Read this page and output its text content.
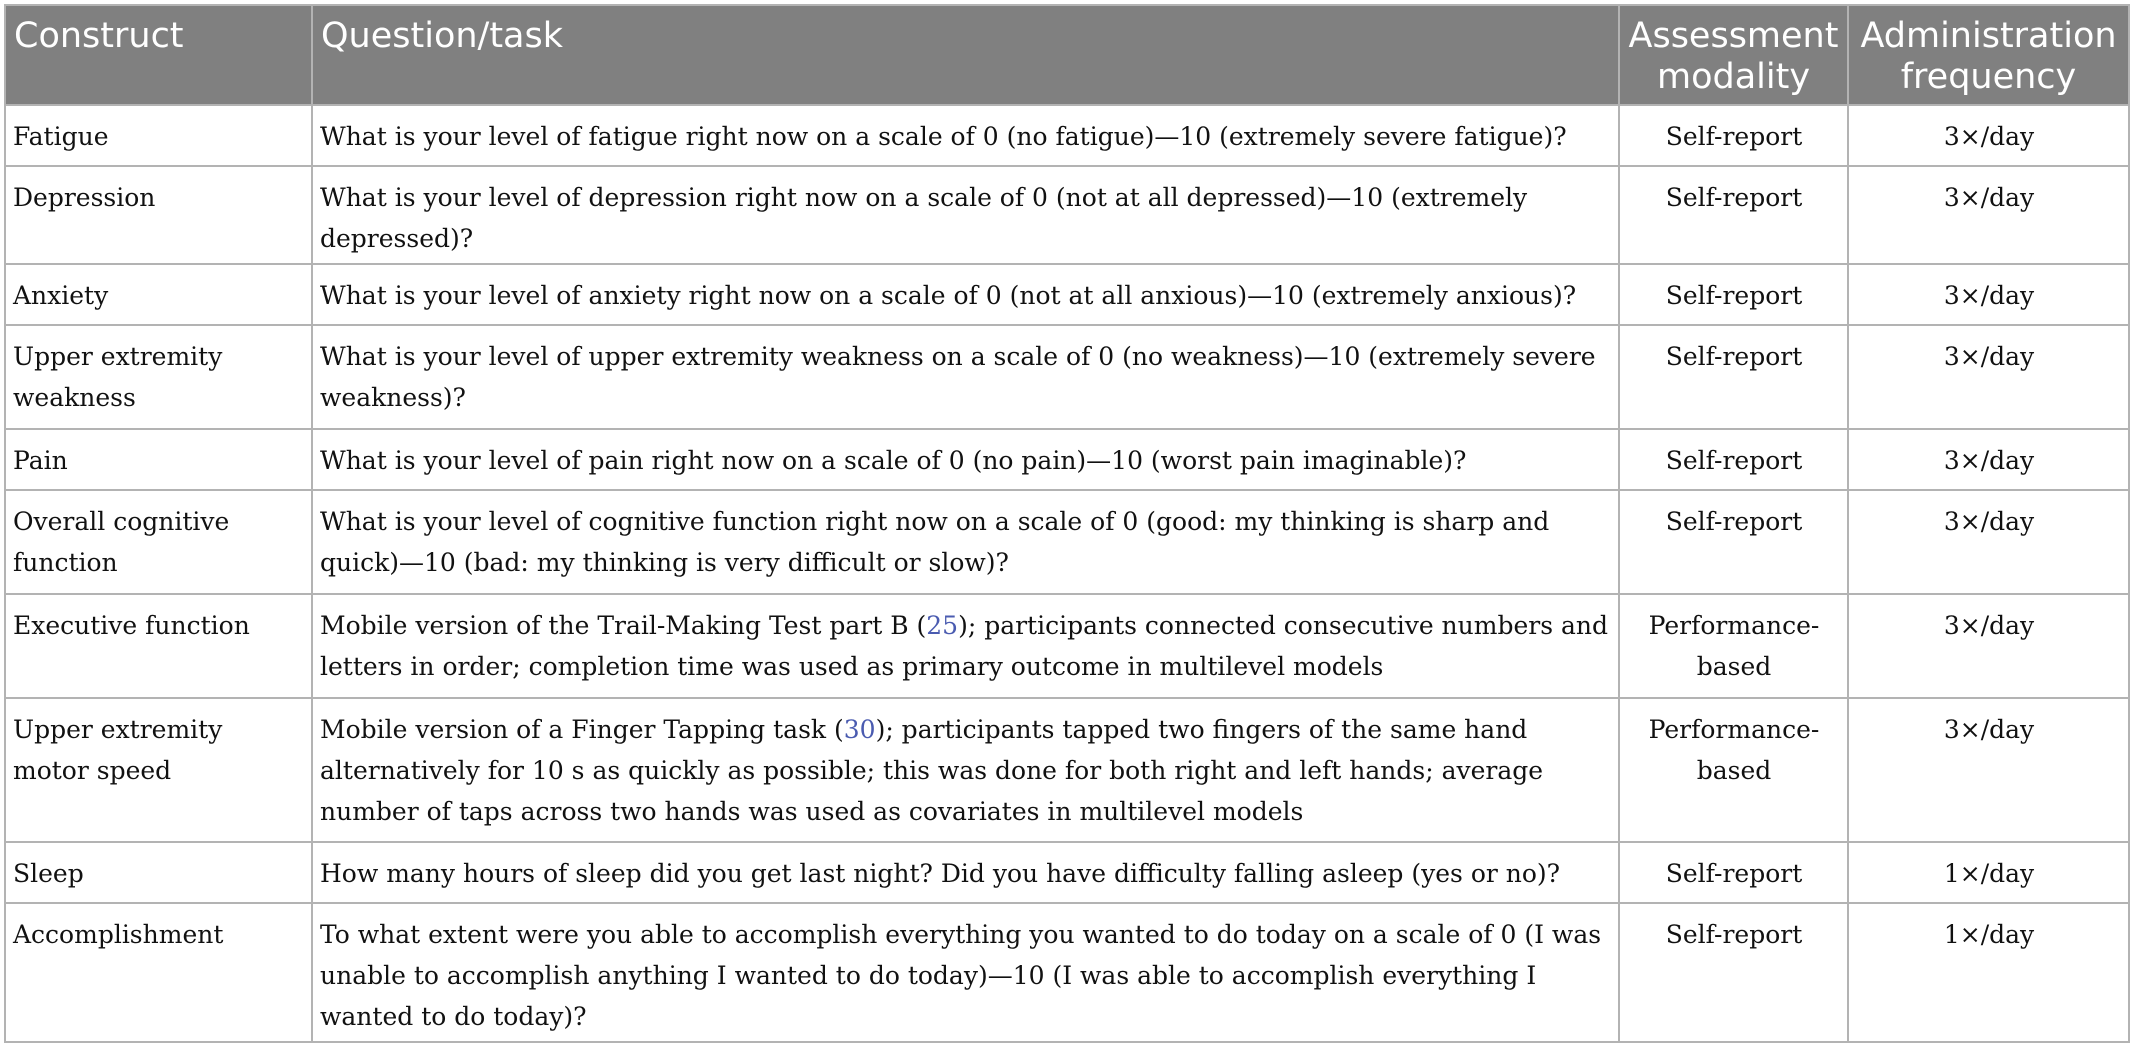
Construct	Question/task	Assessment modality	Administration frequency
Fatigue	What is your level of fatigue right now on a scale of 0 (no fatigue)—10 (extremely severe fatigue)?	Self-report	3×/day
Depression	What is your level of depression right now on a scale of 0 (not at all depressed)—10 (extremely depressed)?	Self-report	3×/day
Anxiety	What is your level of anxiety right now on a scale of 0 (not at all anxious)—10 (extremely anxious)?	Self-report	3×/day
Upper extremity weakness	What is your level of upper extremity weakness on a scale of 0 (no weakness)—10 (extremely severe weakness)?	Self-report	3×/day
Pain	What is your level of pain right now on a scale of 0 (no pain)—10 (worst pain imaginable)?	Self-report	3×/day
Overall cognitive function	What is your level of cognitive function right now on a scale of 0 (good: my thinking is sharp and quick)—10 (bad: my thinking is very difficult or slow)?	Self-report	3×/day
Executive function	Mobile version of the Trail-Making Test part B (25); participants connected consecutive numbers and letters in order; completion time was used as primary outcome in multilevel models	Performance-based	3×/day
Upper extremity motor speed	Mobile version of a Finger Tapping task (30); participants tapped two fingers of the same hand alternatively for 10 s as quickly as possible; this was done for both right and left hands; average number of taps across two hands was used as covariates in multilevel models	Performance-based	3×/day
Sleep	How many hours of sleep did you get last night? Did you have difficulty falling asleep (yes or no)?	Self-report	1×/day
Accomplishment	To what extent were you able to accomplish everything you wanted to do today on a scale of 0 (I was unable to accomplish anything I wanted to do today)—10 (I was able to accomplish everything I wanted to do today)?	Self-report	1×/day
